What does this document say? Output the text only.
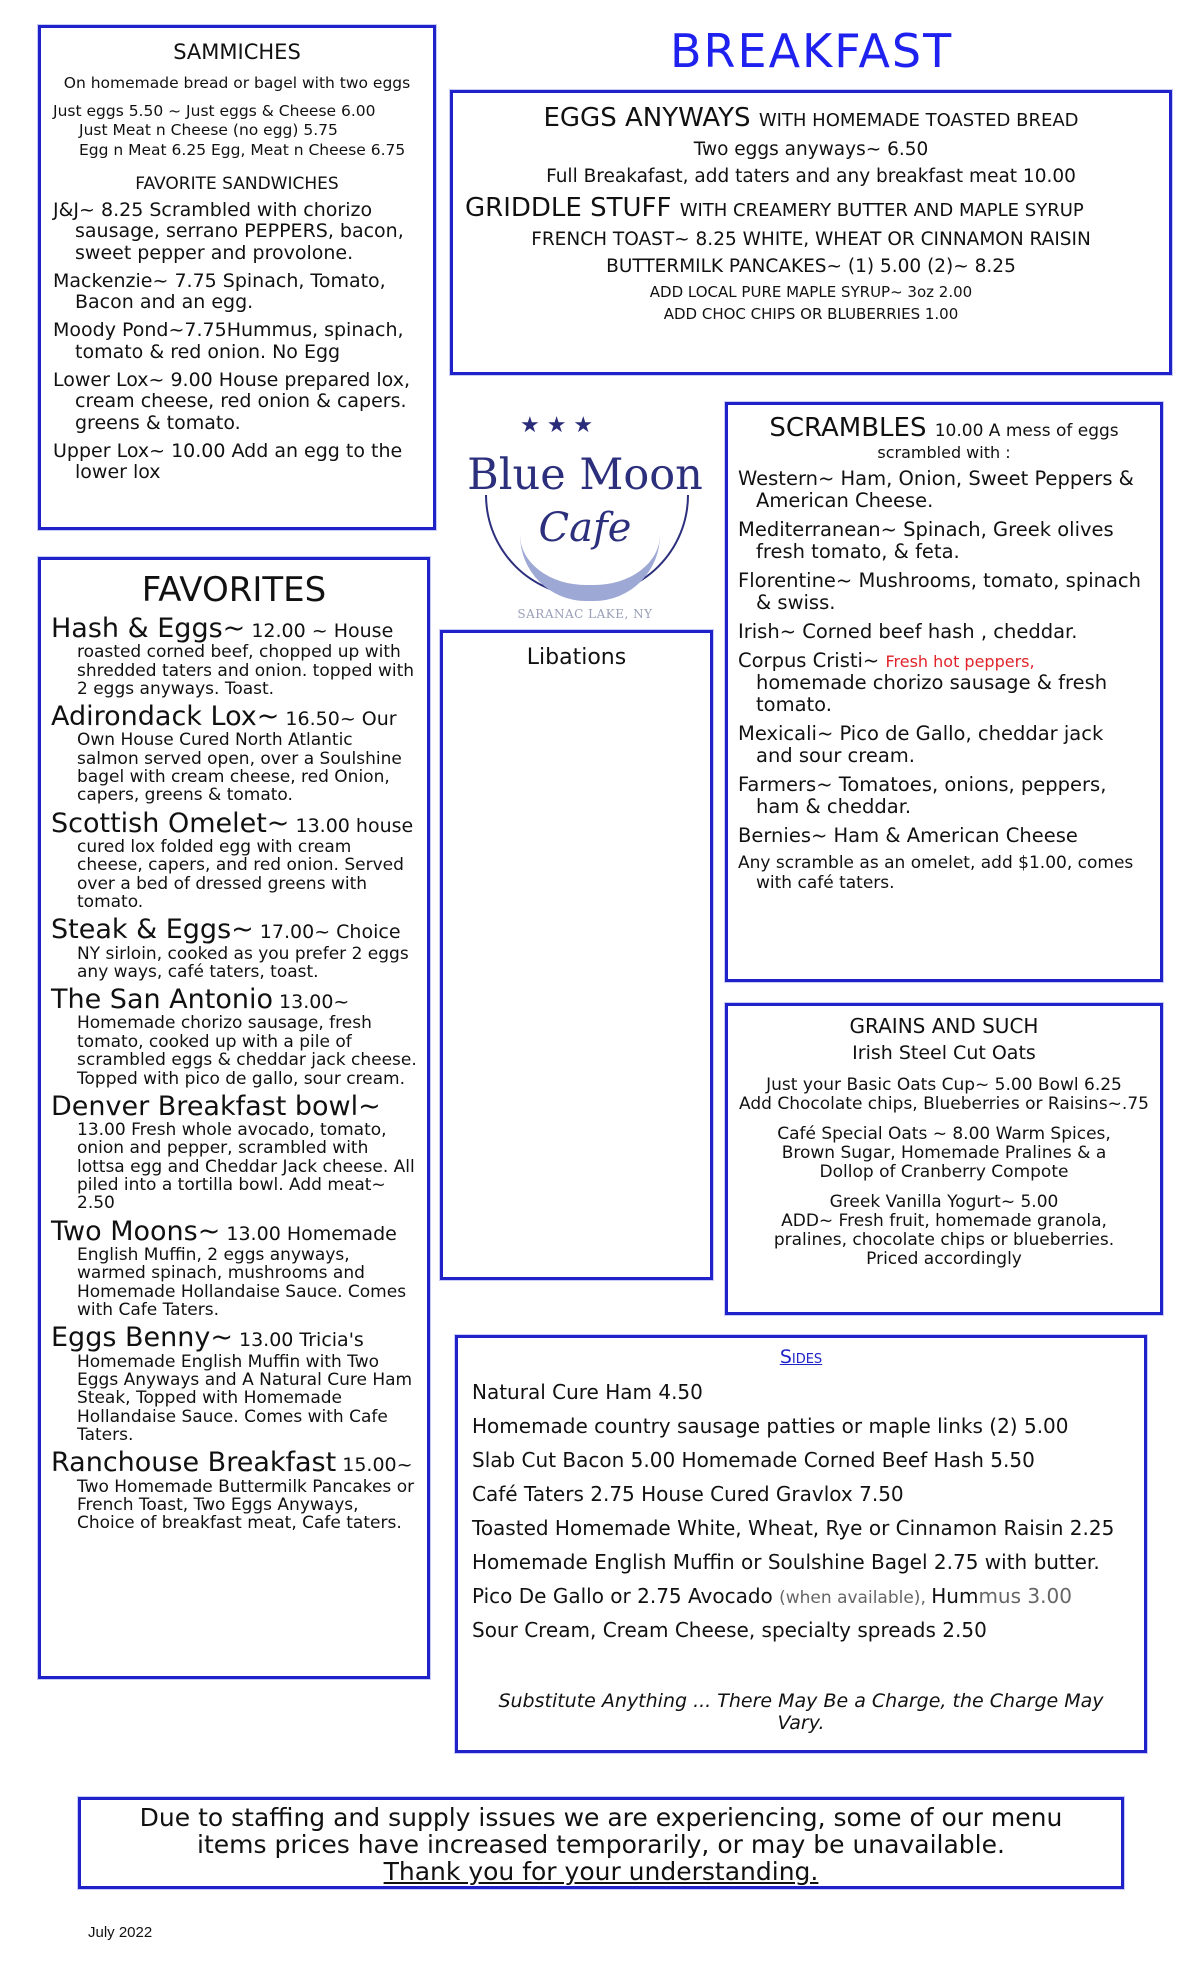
SAMMICHES
On homemade bread or bagel with two eggs
Just eggs 5.50 ~ Just eggs & Cheese 6.00
Just Meat n Cheese (no egg) 5.75
Egg n Meat 6.25 Egg, Meat n Cheese 6.75
FAVORITE SANDWICHES
J&J~ 8.25 Scrambled with chorizo
sausage, serrano PEPPERS, bacon, sweet pepper and provolone.
Mackenzie~ 7.75 Spinach, Tomato,
Bacon and an egg.
Moody Pond~7.75Hummus, spinach,
tomato & red onion. No Egg
Lower Lox~ 9.00 House prepared lox,
cream cheese, red onion & capers. greens & tomato.
Upper Lox~ 10.00 Add an egg to the
lower lox
BREAKFAST
EGGS ANYWAYS WITH HOMEMADE TOASTED BREAD
Two eggs anyways~ 6.50
Full Breakafast, add taters and any breakfast meat 10.00
GRIDDLE STUFF WITH CREAMERY BUTTER AND MAPLE SYRUP
FRENCH TOAST~ 8.25 WHITE, WHEAT OR CINNAMON RAISIN
BUTTERMILK PANCAKES~ (1) 5.00 (2)~ 8.25
ADD LOCAL PURE MAPLE SYRUP~ 3oz 2.00
ADD CHOC CHIPS OR BLUBERRIES 1.00
★ ★ ★
Blue Moon
Cafe
SARANAC LAKE, NY
Libations
SCRAMBLES 10.00 A mess of eggs
scrambled with :
Western~ Ham, Onion, Sweet Peppers &
American Cheese.
Mediterranean~ Spinach, Greek olives
fresh tomato, & feta.
Florentine~ Mushrooms, tomato, spinach
& swiss.
Irish~ Corned beef hash , cheddar.
Corpus Cristi~ Fresh hot peppers,
homemade chorizo sausage & fresh tomato.
Mexicali~ Pico de Gallo, cheddar jack
and sour cream.
Farmers~ Tomatoes, onions, peppers,
ham & cheddar.
Bernies~ Ham & American Cheese
Any scramble as an omelet, add $1.00, comes
with café taters.
GRAINS AND SUCH
Irish Steel Cut Oats
Just your Basic Oats Cup~ 5.00 Bowl 6.25
Add Chocolate chips, Blueberries or Raisins~.75
Café Special Oats ~ 8.00 Warm Spices,
Brown Sugar, Homemade Pralines & a
Dollop of Cranberry Compote
Greek Vanilla Yogurt~ 5.00
ADD~ Fresh fruit, homemade granola,
pralines, chocolate chips or blueberries.
Priced accordingly
FAVORITES
Hash & Eggs~ 12.00 ~ House
roasted corned beef, chopped up with shredded taters and onion. topped with 2 eggs anyways. Toast.
Adirondack Lox~ 16.50~ Our
Own House Cured North Atlantic salmon served open, over a Soulshine bagel with cream cheese, red Onion, capers, greens & tomato.
Scottish Omelet~ 13.00 house
cured lox folded egg with cream cheese, capers, and red onion. Served over a bed of dressed greens with tomato.
Steak & Eggs~ 17.00~ Choice
NY sirloin, cooked as you prefer 2 eggs any ways, café taters, toast.
The San Antonio 13.00~
Homemade chorizo sausage, fresh tomato, cooked up with a pile of scrambled eggs & cheddar jack cheese. Topped with pico de gallo, sour cream.
Denver Breakfast bowl~
13.00 Fresh whole avocado, tomato, onion and pepper, scrambled with lottsa egg and Cheddar Jack cheese. All piled into a tortilla bowl. Add meat~ 2.50
Two Moons~ 13.00 Homemade
English Muffin, 2 eggs anyways, warmed spinach, mushrooms and Homemade Hollandaise Sauce. Comes with Cafe Taters.
Eggs Benny~ 13.00 Tricia's
Homemade English Muffin with Two Eggs Anyways and A Natural Cure Ham Steak, Topped with Homemade Hollandaise Sauce. Comes with Cafe Taters.
Ranchouse Breakfast 15.00~
Two Homemade Buttermilk Pancakes or French Toast, Two Eggs Anyways, Choice of breakfast meat, Cafe taters.
Sides
Natural Cure Ham 4.50
Homemade country sausage patties or maple links (2) 5.00
Slab Cut Bacon 5.00 Homemade Corned Beef Hash 5.50
Café Taters 2.75 House Cured Gravlox 7.50
Toasted Homemade White, Wheat, Rye or Cinnamon Raisin 2.25
Homemade English Muffin or Soulshine Bagel 2.75 with butter.
Pico De Gallo or 2.75 Avocado (when available), Hummus 3.00
Sour Cream, Cream Cheese, specialty spreads 2.50
Substitute Anything ... There May Be a Charge, the Charge May Vary.
Due to staffing and supply issues we are experiencing, some of our menu
items prices have increased temporarily, or may be unavailable.
Thank you for your understanding.
July 2022
